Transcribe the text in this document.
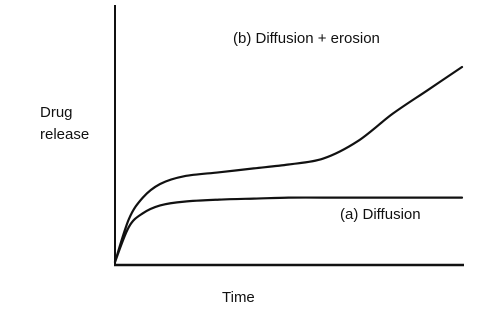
(b) Diffusion + erosion
(a) Diffusion
Drug
release
Time
